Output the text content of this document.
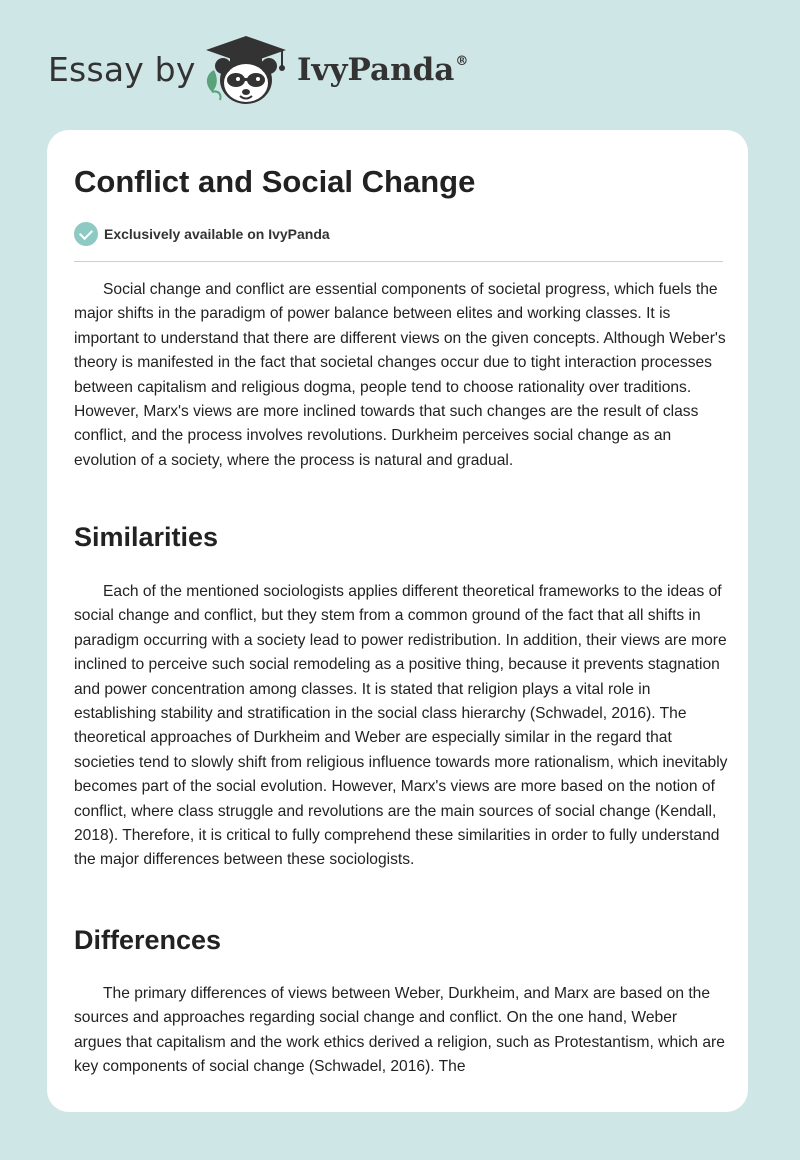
Essay by	IvyPanda®
Conflict and Social Change
Exclusively available on IvyPanda

Social change and conflict are essential components of societal progress, which fuels the major shifts in the paradigm of power balance between elites and working classes. It is important to understand that there are different views on the given concepts. Although Weber's theory is manifested in the fact that societal changes occur due to tight interaction processes between capitalism and religious dogma, people tend to choose rationality over traditions. However, Marx's views are more inclined towards that such changes are the result of class conflict, and the process involves revolutions. Durkheim perceives social change as an evolution of a society, where the process is natural and gradual.

Similarities

Each of the mentioned sociologists applies different theoretical frameworks to the ideas of social change and conflict, but they stem from a common ground of the fact that all shifts in paradigm occurring with a society lead to power redistribution. In addition, their views are more inclined to perceive such social remodeling as a positive thing, because it prevents stagnation and power concentration among classes. It is stated that religion plays a vital role in establishing stability and stratification in the social class hierarchy (Schwadel, 2016). The theoretical approaches of Durkheim and Weber are especially similar in the regard that societies tend to slowly shift from religious influence towards more rationalism, which inevitably becomes part of the social evolution. However, Marx's views are more based on the notion of conflict, where class struggle and revolutions are the main sources of social change (Kendall, 2018). Therefore, it is critical to fully comprehend these similarities in order to fully understand the major differences between these sociologists.

Differences

The primary differences of views between Weber, Durkheim, and Marx are based on the sources and approaches regarding social change and conflict. On the one hand, Weber argues that capitalism and the work ethics derived a religion, such as Protestantism, which are key components of social change (Schwadel, 2016). The
